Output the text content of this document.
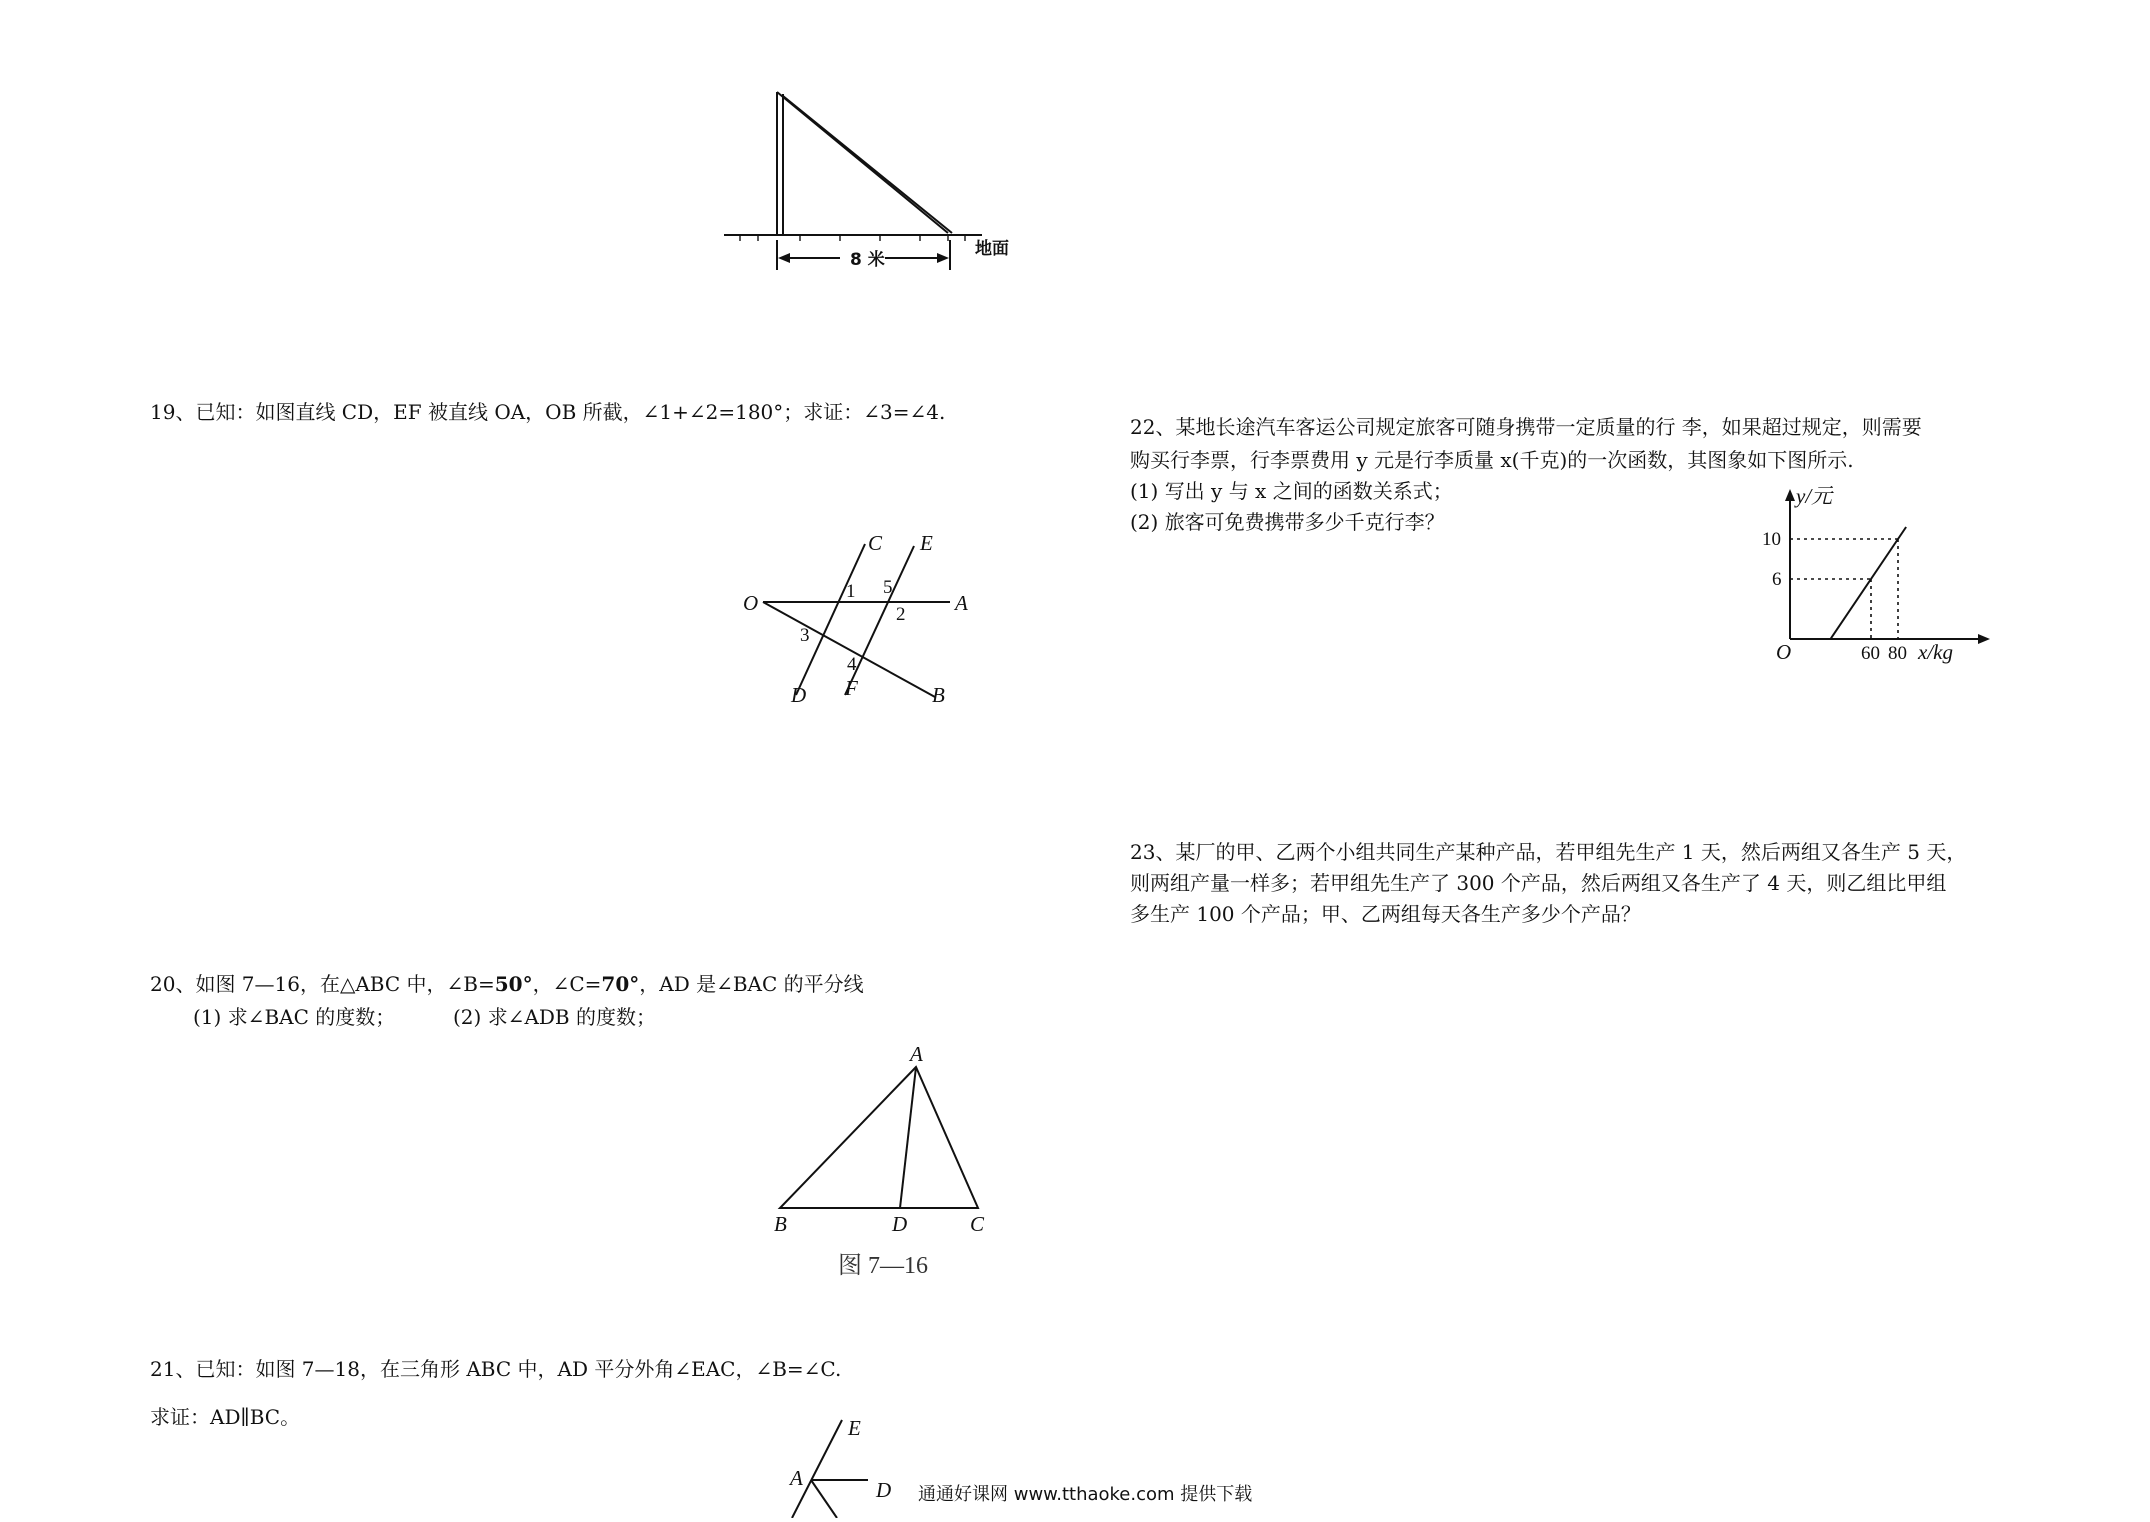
8 米
地面
19、已知：如图直线 CD，EF 被直线 OA，OB 所截，∠1+∠2=180°；求证：∠3=∠4.
C E
O	A
D F	B
1
2
3
4
5
20、如图 7—16，在△ABC 中，∠B=50°，∠C=70°，AD 是∠BAC 的平分线
(1) 求∠BAC 的度数；	(2) 求∠ADB 的度数；
A
B	D	C
图 7—16
21、已知：如图 7—18，在三角形 ABC 中，AD 平分外角∠EAC，∠B=∠C.
求证：AD∥BC。	E
A	D
22、某地长途汽车客运公司规定旅客可随身携带一定质量的行 李，如果超过规定，则需要
购买行李票，行李票费用 y 元是行李质量 x(千克)的一次函数，其图象如下图所示.
(1) 写出 y 与 x 之间的函数关系式；
(2) 旅客可免费携带多少千克行李？
60 80
6
10
O
y/元
x/kg
23、某厂的甲、乙两个小组共同生产某种产品，若甲组先生产 1 天，然后两组又各生产 5 天，
则两组产量一样多；若甲组先生产了 300 个产品，然后两组又各生产了 4 天，则乙组比甲组
多生产 100 个产品；甲、乙两组每天各生产多少个产品？
通通好课网 www.tthaoke.com 提供下载
